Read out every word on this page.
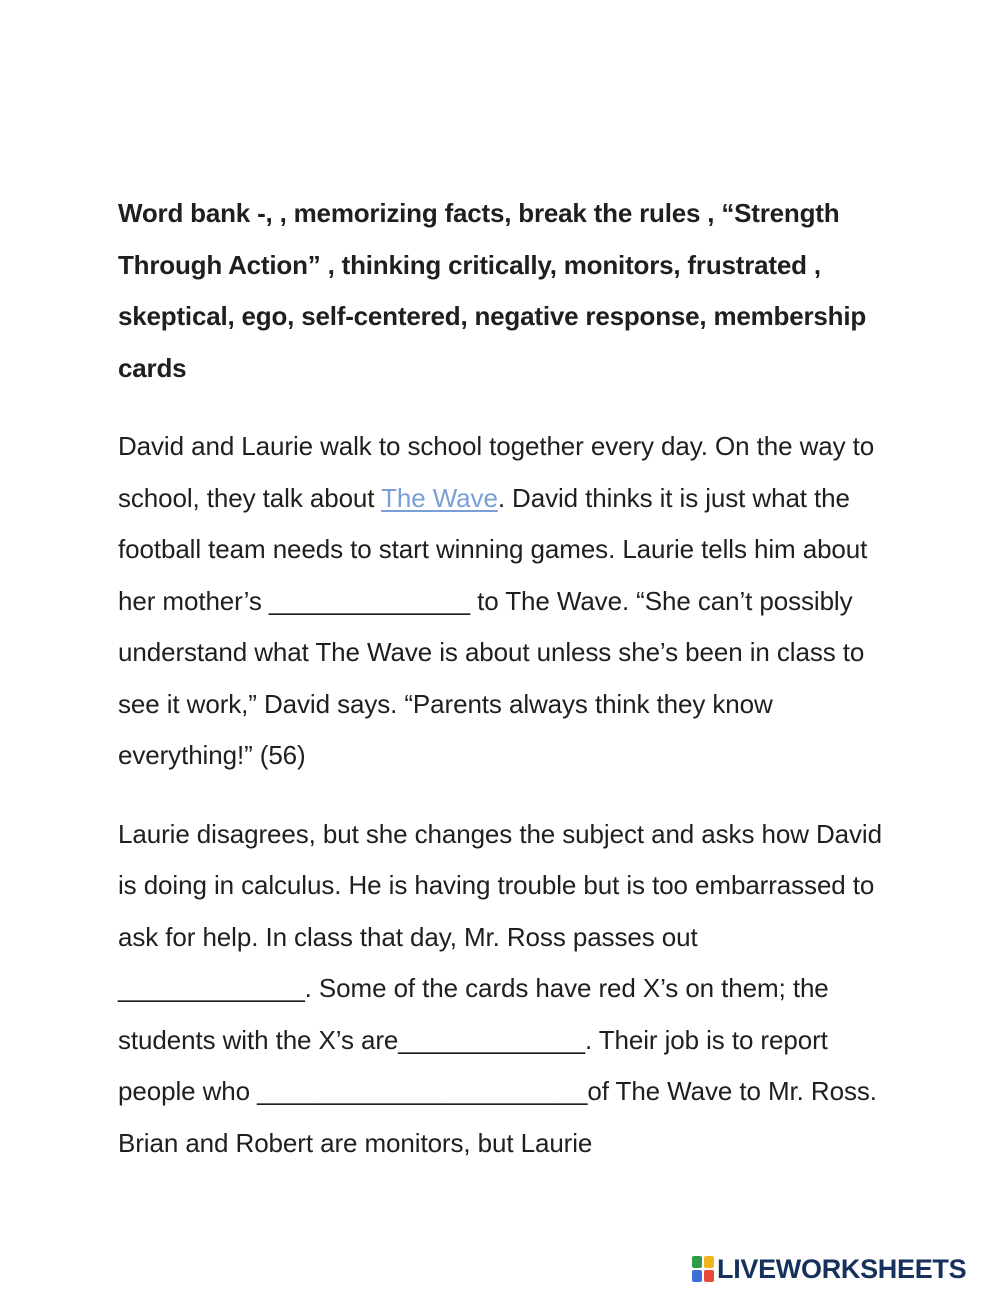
Word bank -, , memorizing facts, break the rules , “Strength Through Action” , thinking critically, monitors, frustrated , skeptical, ego, self-centered, negative response, membership cards

David and Laurie walk to school together every day. On the way to school, they talk about The Wave. David thinks it is just what the football team needs to start winning games. Laurie tells him about her mother’s ______________ to The Wave. “She can’t possibly understand what The Wave is about unless she’s been in class to see it work,” David says. “Parents always think they know everything!” (56)

Laurie disagrees, but she changes the subject and asks how David is doing in calculus. He is having trouble but is too embarrassed to ask for help. In class that day, Mr. Ross passes out _____________. Some of the cards have red X’s on them; the students with the X’s are_____________. Their job is to report people who _______________________of The Wave to Mr. Ross. Brian and Robert are monitors, but Laurie

LIVEWORKSHEETS
